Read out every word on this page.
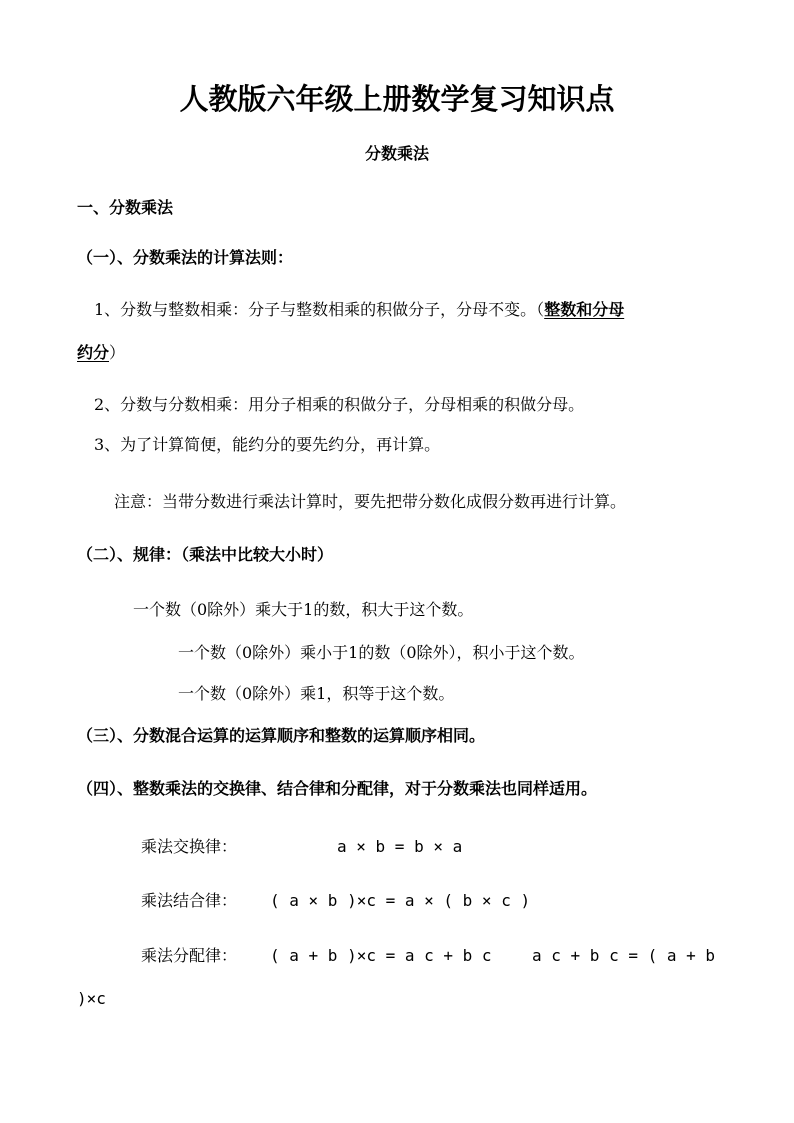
人教版六年级上册数学复习知识点
分数乘法
一、分数乘法
（一）、分数乘法的计算法则：
1、分数与整数相乘：分子与整数相乘的积做分子，分母不变。（整数和分母
约分）
2、分数与分数相乘：用分子相乘的积做分子，分母相乘的积做分母。
3、为了计算简便，能约分的要先约分，再计算。
注意：当带分数进行乘法计算时，要先把带分数化成假分数再进行计算。
（二）、规律：（乘法中比较大小时）
一个数（0除外）乘大于1的数，积大于这个数。
一个数（0除外）乘小于1的数（0除外），积小于这个数。
一个数（0除外）乘1，积等于这个数。
（三）、分数混合运算的运算顺序和整数的运算顺序相同。
（四）、整数乘法的交换律、结合律和分配律，对于分数乘法也同样适用。
乘法交换律：	a × b = b × a
乘法结合律： ( a × b )×c = a × ( b × c )
乘法分配律： ( a + b )×c = a c + b c	a c + b c = ( a + b
)×c
